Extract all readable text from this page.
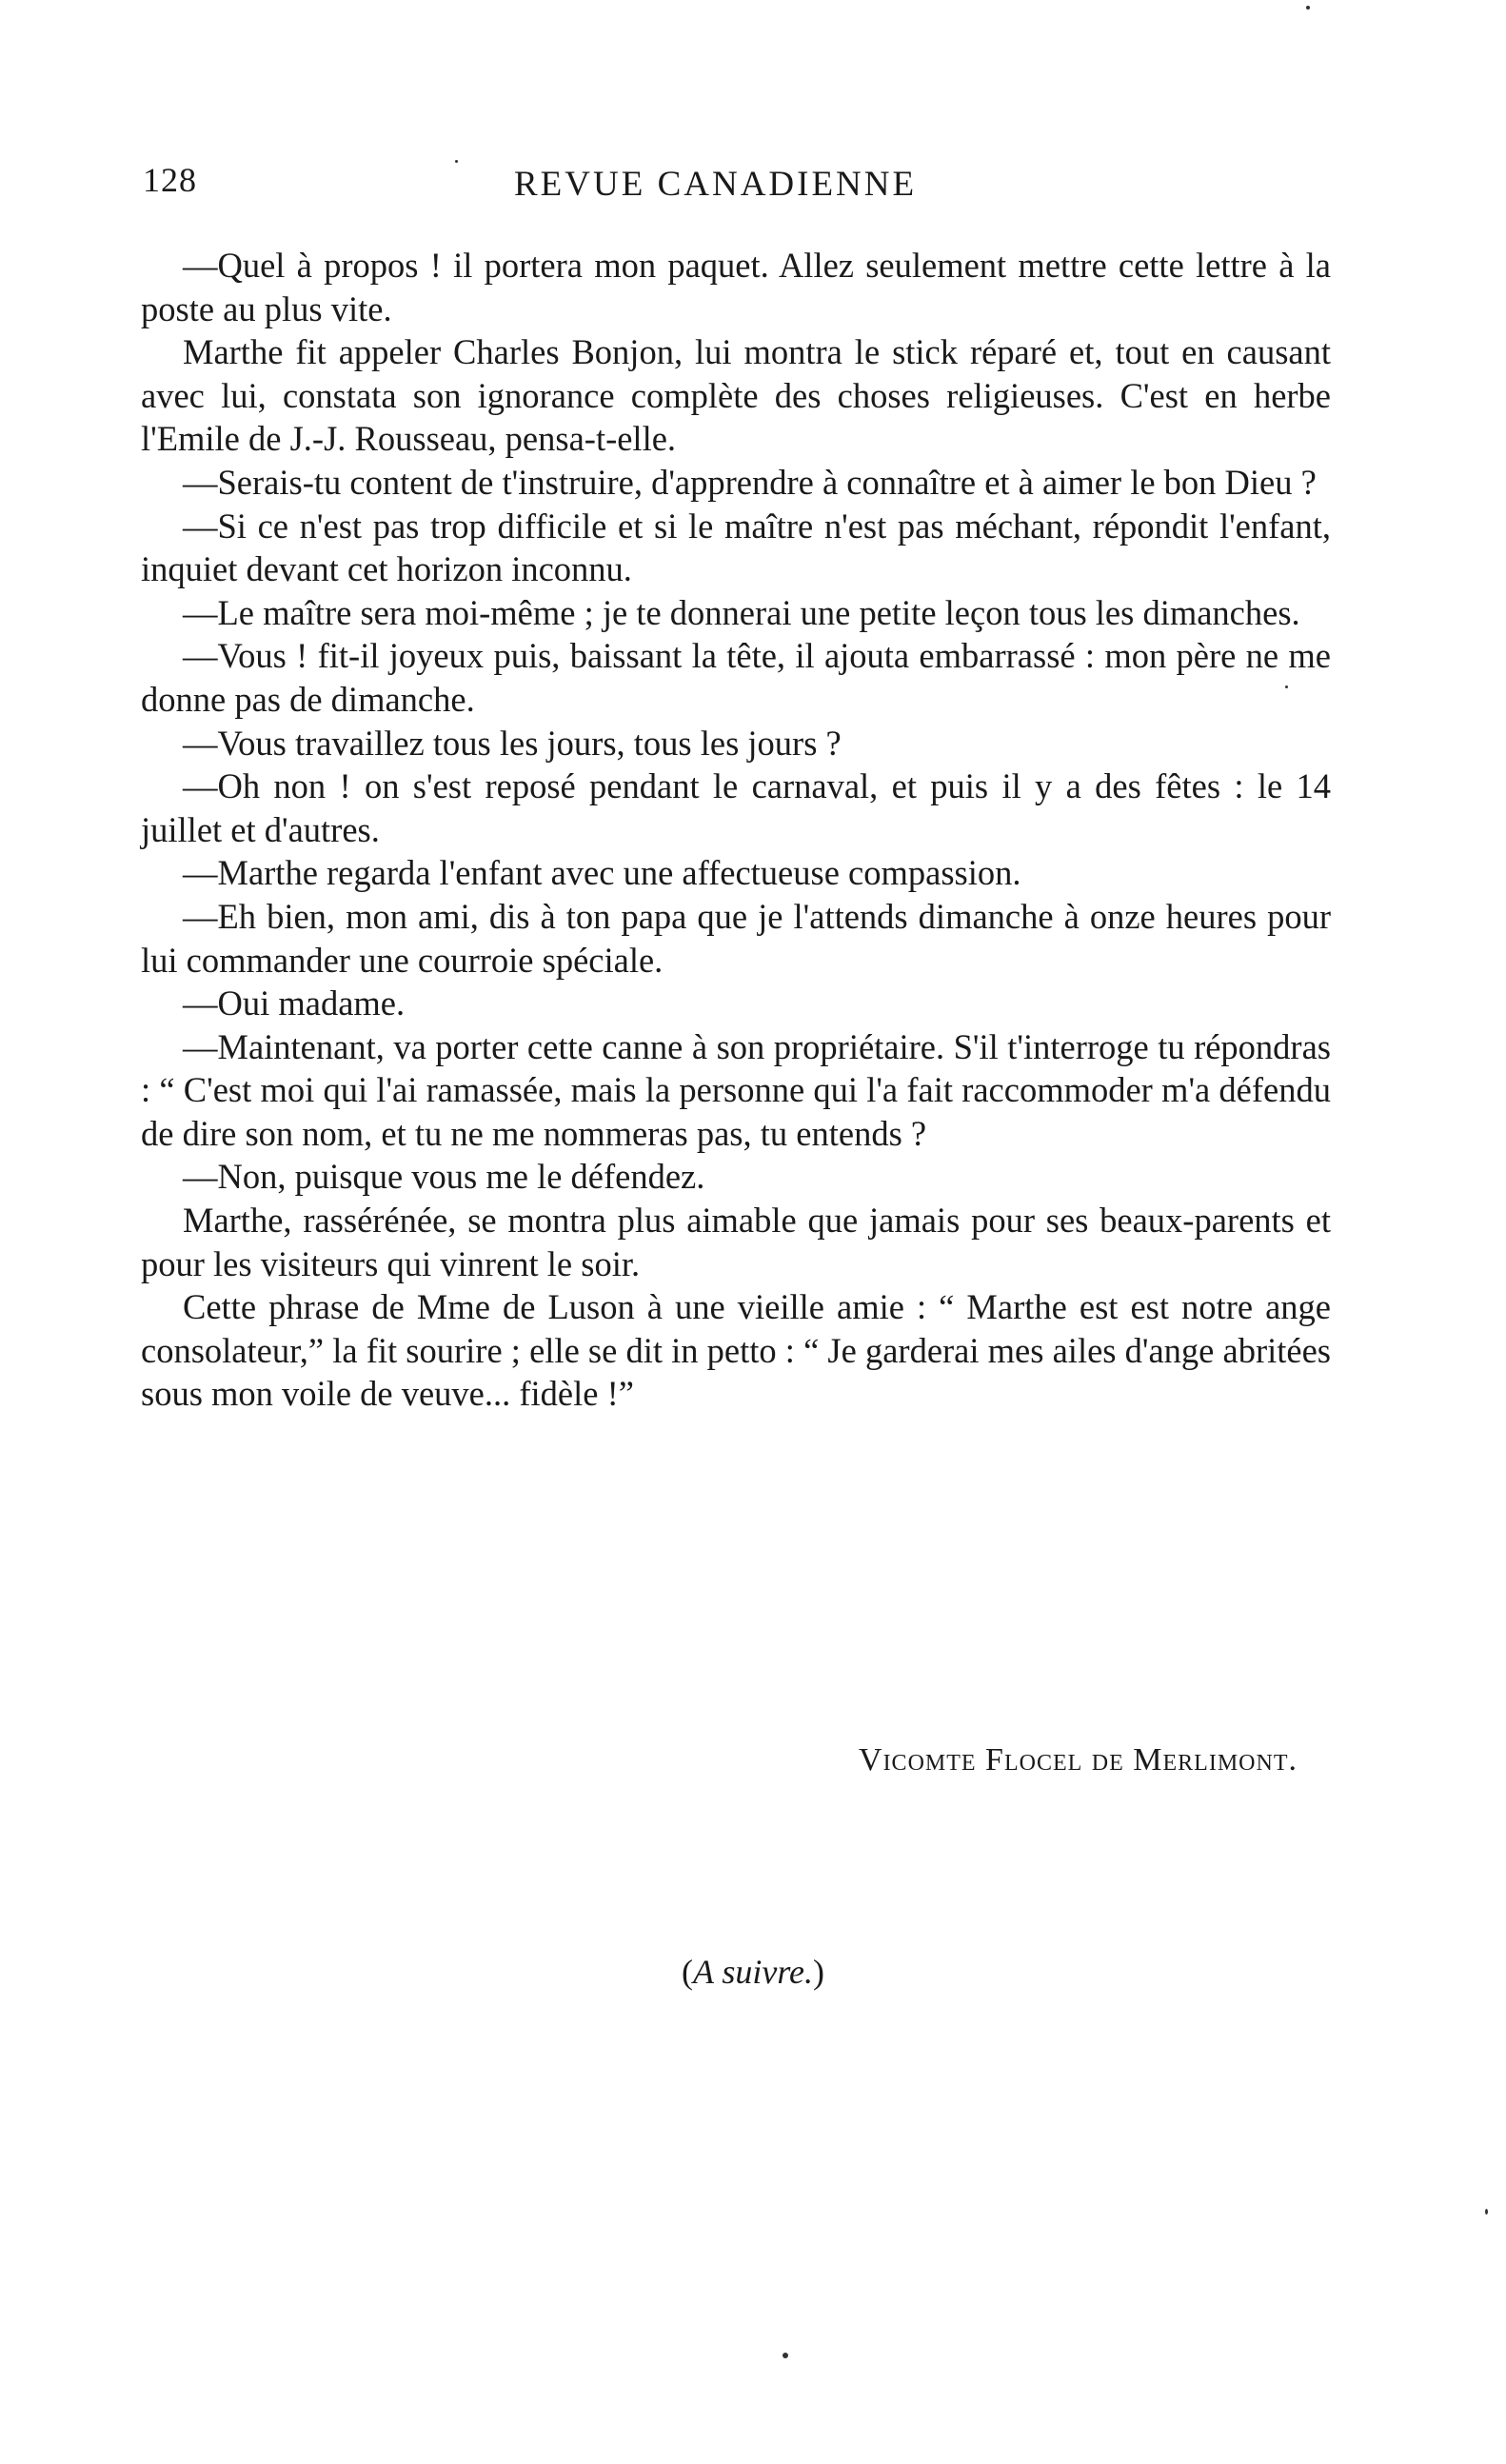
128	REVUE CANADIENNE

—Quel à propos ! il portera mon paquet. Allez seulement mettre cette lettre à la poste au plus vite.

Marthe fit appeler Charles Bonjon, lui montra le stick réparé et, tout en causant avec lui, constata son ignorance complète des choses religieuses. C'est en herbe l'Emile de J.-J. Rousseau, pensa-t-elle.

—Serais-tu content de t'instruire, d'apprendre à connaître et à aimer le bon Dieu ?

—Si ce n'est pas trop difficile et si le maître n'est pas méchant, répondit l'enfant, inquiet devant cet horizon inconnu.

—Le maître sera moi-même ; je te donnerai une petite leçon tous les dimanches.

—Vous ! fit-il joyeux puis, baissant la tête, il ajouta embarrassé : mon père ne me donne pas de dimanche.

—Vous travaillez tous les jours, tous les jours ?

—Oh non ! on s'est reposé pendant le carnaval, et puis il y a des fêtes : le 14 juillet et d'autres.

—Marthe regarda l'enfant avec une affectueuse compassion.

—Eh bien, mon ami, dis à ton papa que je l'attends dimanche à onze heures pour lui commander une courroie spéciale.

—Oui madame.

—Maintenant, va porter cette canne à son propriétaire. S'il t'interroge tu répondras : “ C'est moi qui l'ai ramassée, mais la personne qui l'a fait raccommoder m'a défendu de dire son nom, et tu ne me nommeras pas, tu entends ?

—Non, puisque vous me le défendez.

Marthe, rassérénée, se montra plus aimable que jamais pour ses beaux-parents et pour les visiteurs qui vinrent le soir.

Cette phrase de Mme de Luson à une vieille amie : “ Marthe est est notre ange consolateur,” la fit sourire ; elle se dit in petto : “ Je garderai mes ailes d'ange abritées sous mon voile de veuve... fidèle !”

Vicomte Flocel de Merlimont.
(A suivre.)
